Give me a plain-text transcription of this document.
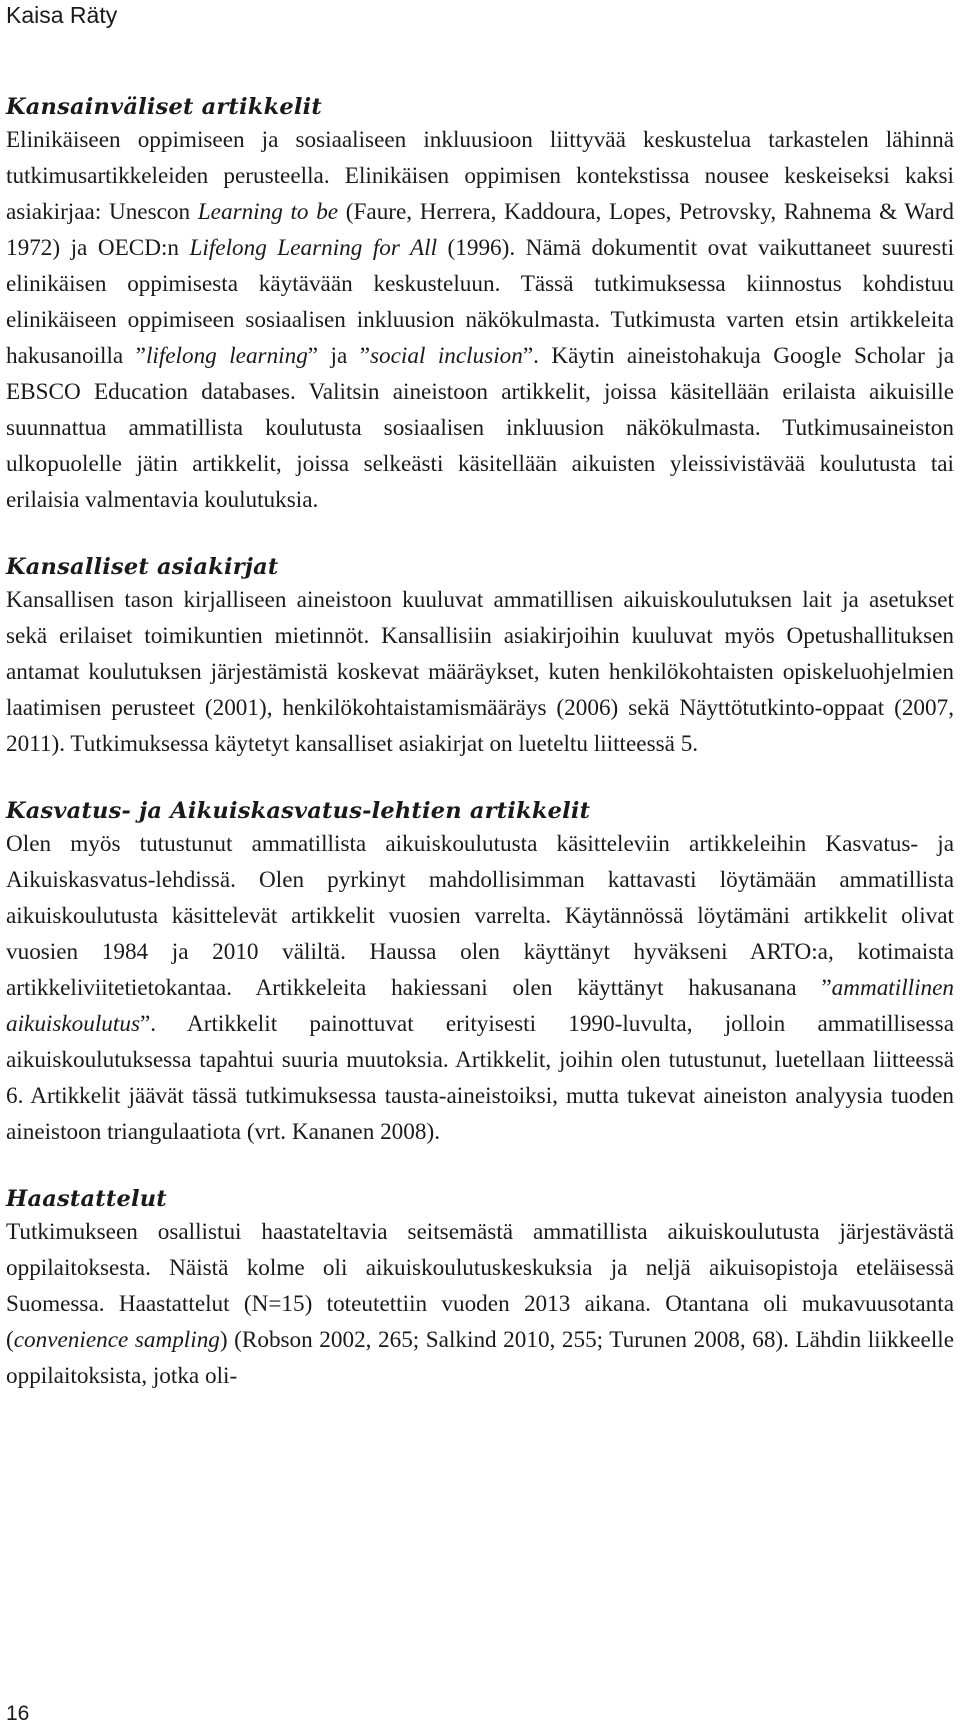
Kaisa Räty
Kansainväliset artikkelit

Elinikäiseen oppimiseen ja sosiaaliseen inkluusioon liittyvää keskustelua tarkastelen lähinnä tutkimusartikkeleiden perusteella. Elinikäisen oppimisen kontekstissa nousee keskeiseksi kaksi asiakirjaa: Unescon Learning to be (Faure, Herrera, Kaddoura, Lopes, Petrovsky, Rahnema & Ward 1972) ja OECD:n Lifelong Learning for All (1996). Nämä dokumentit ovat vaikuttaneet suuresti elinikäisen oppimisesta käytävään keskusteluun. Tässä tutkimuksessa kiinnostus kohdistuu elinikäiseen oppimiseen sosiaalisen inkluusion näkökulmasta. Tutkimusta varten etsin artikkeleita hakusanoilla ”lifelong learning” ja ”social inclusion”. Käytin aineistohakuja Google Scholar ja EBSCO Education databases. Valitsin aineistoon artikkelit, joissa käsitellään erilaista aikuisille suunnattua ammatillista koulutusta sosiaalisen inkluusion näkökulmasta. Tutkimusaineiston ulkopuolelle jätin artikkelit, joissa selkeästi käsitellään aikuisten yleissivistävää koulutusta tai erilaisia valmentavia koulutuksia.

Kansalliset asiakirjat

Kansallisen tason kirjalliseen aineistoon kuuluvat ammatillisen aikuiskoulutuksen lait ja asetukset sekä erilaiset toimikuntien mietinnöt. Kansallisiin asiakirjoihin kuuluvat myös Opetushallituksen antamat koulutuksen järjestämistä koskevat määräykset, kuten henkilökohtaisten opiskeluohjelmien laatimisen perusteet (2001), henkilökohtaistamismääräys (2006) sekä Näyttötutkinto-oppaat (2007, 2011). Tutkimuksessa käytetyt kansalliset asiakirjat on lueteltu liitteessä 5.

Kasvatus- ja Aikuiskasvatus-lehtien artikkelit

Olen myös tutustunut ammatillista aikuiskoulutusta käsitteleviin artikkeleihin Kasvatus- ja Aikuiskasvatus-lehdissä. Olen pyrkinyt mahdollisimman kattavasti löytämään ammatillista aikuiskoulutusta käsittelevät artikkelit vuosien varrelta. Käytännössä löytämäni artikkelit olivat vuosien 1984 ja 2010 väliltä. Haussa olen käyttänyt hyväkseni ARTO:a, kotimaista artikkeliviitetietokantaa. Artikkeleita hakiessani olen käyttänyt hakusanana ”ammatillinen aikuiskoulutus”. Artikkelit painottuvat erityisesti 1990-luvulta, jolloin ammatillisessa aikuiskoulutuksessa tapahtui suuria muutoksia. Artikkelit, joihin olen tutustunut, luetellaan liitteessä 6. Artikkelit jäävät tässä tutkimuksessa tausta-aineistoiksi, mutta tukevat aineiston analyysia tuoden aineistoon triangulaatiota (vrt. Kananen 2008).

Haastattelut

Tutkimukseen osallistui haastateltavia seitsemästä ammatillista aikuiskoulutusta järjestävästä oppilaitoksesta. Näistä kolme oli aikuiskoulutuskeskuksia ja neljä aikuisopistoja eteläisessä Suomessa. Haastattelut (N=15) toteutettiin vuoden 2013 aikana. Otantana oli mukavuusotanta (convenience sampling) (Robson 2002, 265; Salkind 2010, 255; Turunen 2008, 68). Lähdin liikkeelle oppilaitoksista, jotka oli-

16
